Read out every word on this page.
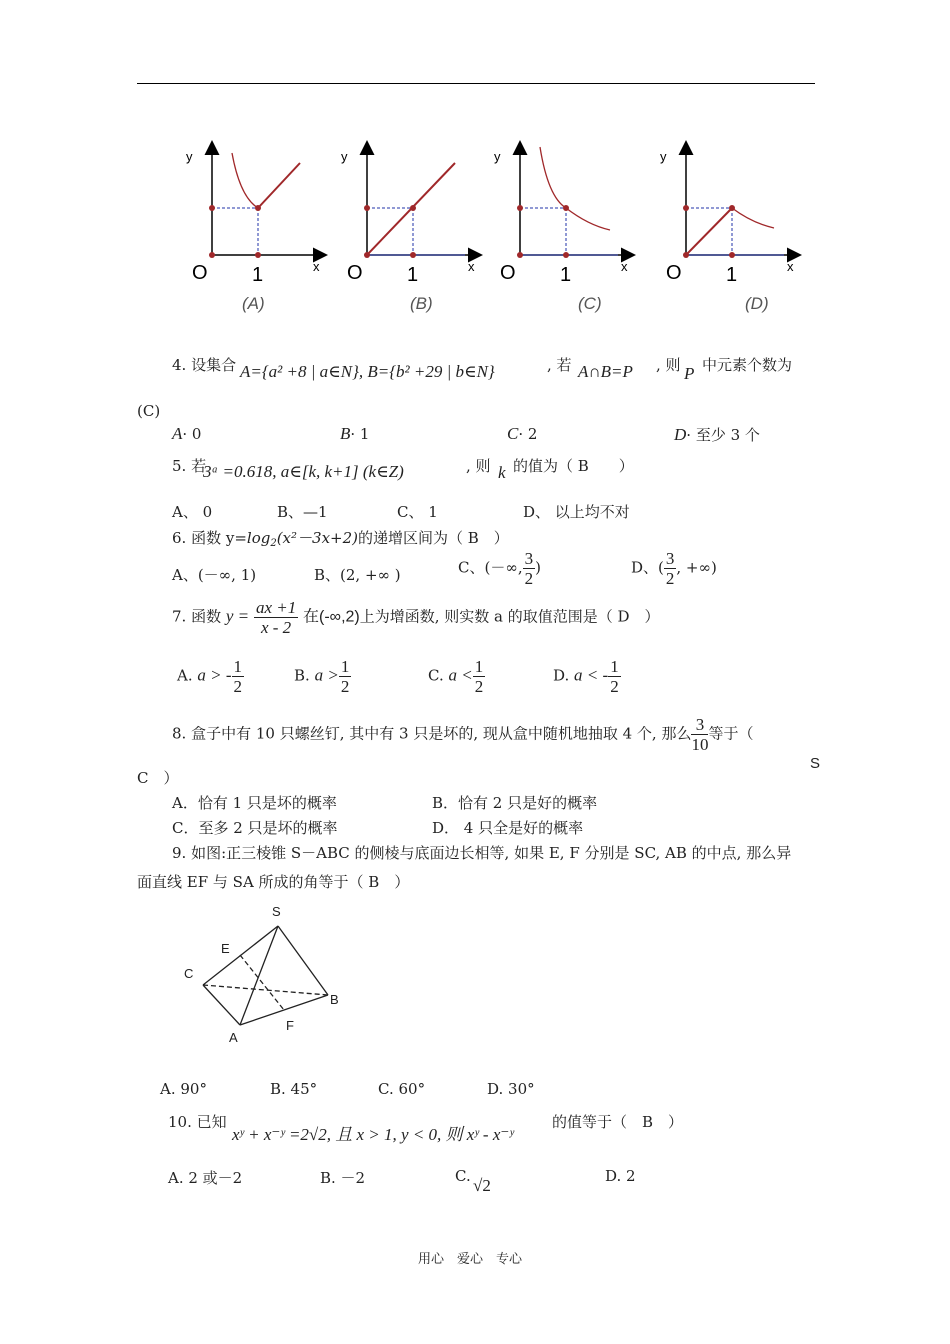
y	y	y	y
x	x	x	x
O	O	O	O
1	1	1	1
(A)	(B)	(C)	(D)
4. 设集合 A={a² +8 | a∈N}, B={b² +29 | b∈N}	, 若 A∩B=P , 则 P 中元素个数为
(C)
A· 0	B· 1	C· 2	D· 至少 3 个
5. 若
3ᵃ =0.618, a∈[k, k+1] (k∈Z)	, 则 k 的值为（ B　　）
A、 0	B、—1	C、 1	D、 以上均不对
6. 函数 $y=\log_2(x^2-3x+2)$的递增区间为（ B　）
A、(－∞, 1)	B、(2, +∞ )	C、(－∞, $\frac{3}{2}$ )	D、( $\frac{3}{2}$ , +∞)
7. 函数 $y = \frac{ax +1}{x - 2}$ 在(-∞,2)上为增函数, 则实数 a 的取值范围是（ D　）
A. a > - $\frac{1}{2}$	B. $a > \frac{1}{2}$	C. $a < \frac{1}{2}$	D. a < - $\frac{1}{2}$
8. 盒子中有 10 只螺丝钉, 其中有 3 只是坏的, 现从盒中随机地抽取 4 个, 那么 $\frac{3}{10}$ 等于（
C　）
S
A．恰有 1 只是坏的概率	B．恰有 2 只是好的概率
C．至多 2 只是坏的概率	D． 4 只全是好的概率
9. 如图:正三棱锥 S－ABC 的侧棱与底面边长相等, 如果 E, F 分别是 SC, AB 的中点, 那么异
面直线 EF 与 SA 所成的角等于（ B　）
S
E
C
B
A
F
A. 90°	B. 45°	C. 60°	D. 30°
10. 已知
xʸ + x⁻ʸ =2√2, 且 x > 1, y < 0, 则 xʸ - x⁻ʸ
的值等于（　B　）
A. 2 或－2	B. －2	C. √2	D. 2
用心　爱心　专心
